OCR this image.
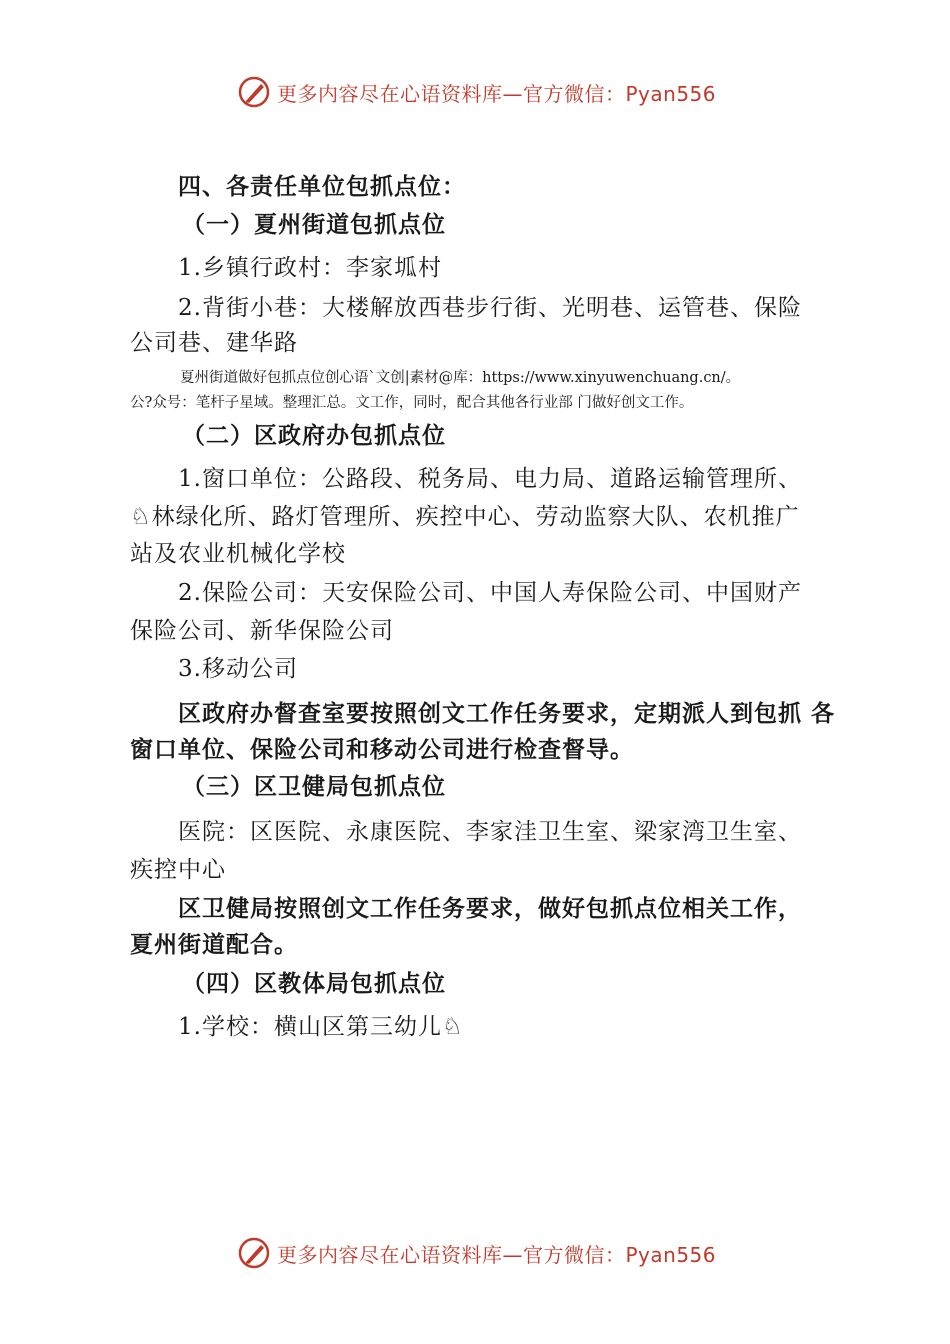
更多内容尽在心语资料库—官方微信：Pyan556
四、各责任单位包抓点位：
（一）夏州街道包抓点位
1.乡镇行政村：李家坬村
2.背街小巷：大楼解放西巷步行街、光明巷、运管巷、保险
公司巷、建华路
夏州街道做好包抓点位创心语`文创|素材@库：https://www.xinyuwenchuang.cn/。
公?众号：笔杆子星域。整理汇总。文工作，同时，配合其他各行业部 门做好创文工作。
（二）区政府办包抓点位
1.窗口单位：公路段、税务局、电力局、道路运输管理所、
♘林绿化所、路灯管理所、疾控中心、劳动监察大队、农机推广
站及农业机械化学校
2.保险公司：天安保险公司、中国人寿保险公司、中国财产
保险公司、新华保险公司
3.移动公司
区政府办督查室要按照创文工作任务要求，定期派人到包抓 各
窗口单位、保险公司和移动公司进行检查督导。
（三）区卫健局包抓点位
医院：区医院、永康医院、李家洼卫生室、梁家湾卫生室、
疾控中心
区卫健局按照创文工作任务要求，做好包抓点位相关工作，
夏州街道配合。
（四）区教体局包抓点位
1.学校：横山区第三幼儿♘
更多内容尽在心语资料库—官方微信：Pyan556
